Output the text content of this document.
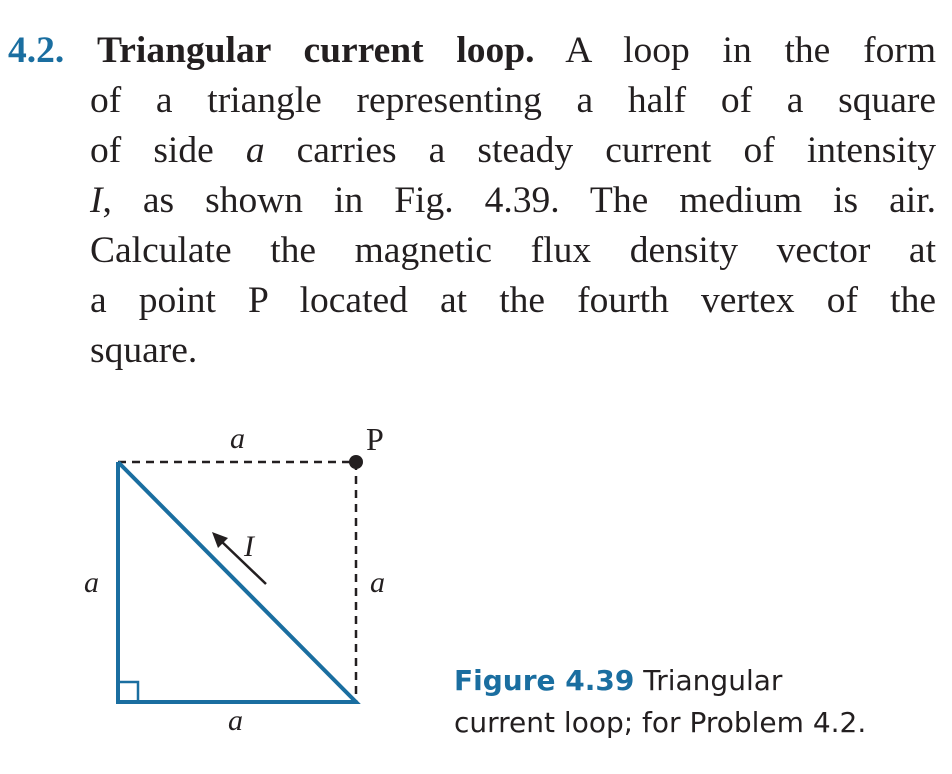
4.2. Triangular current loop. A loop in the form
of a triangle representing a half of a square
of side a carries a steady current of intensity
I, as shown in Fig. 4.39. The medium is air.
Calculate the magnetic flux density vector at
a point P located at the fourth vertex of the
square.
a	P
a	a
a
I
Figure 4.39 Triangular
current loop; for Problem 4.2.
